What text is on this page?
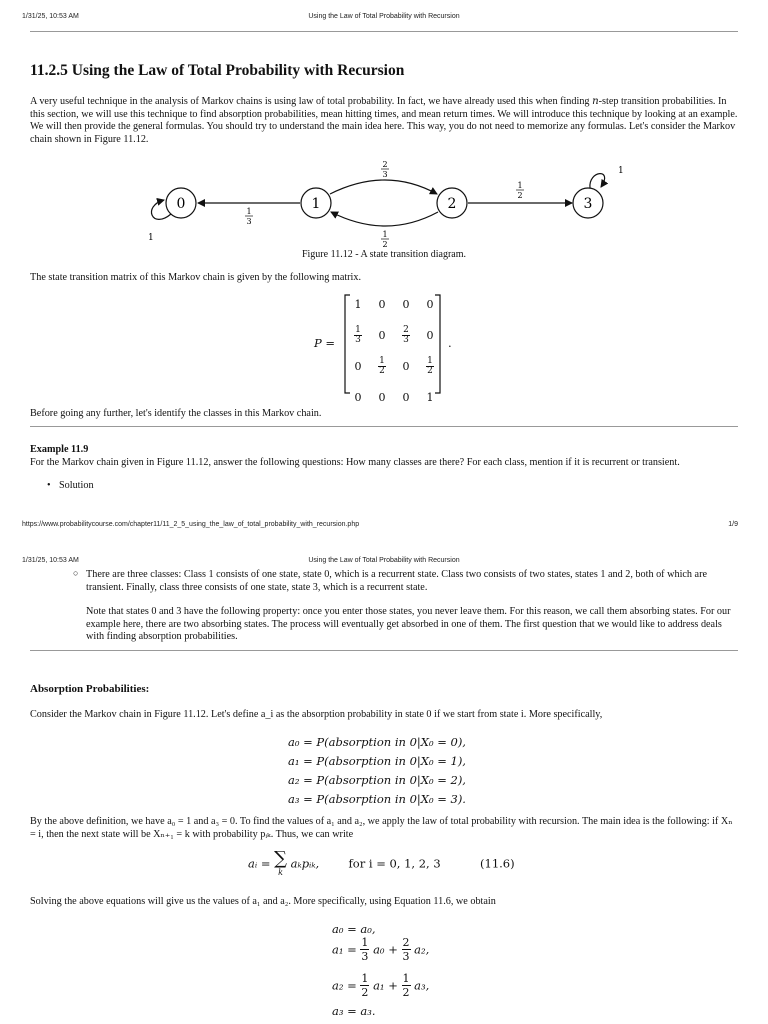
1/31/25, 10:53 AM	Using the Law of Total Probability with Recursion
11.2.5 Using the Law of Total Probability with Recursion
A very useful technique in the analysis of Markov chains is using law of total probability. In fact, we have already used this when finding n-step transition probabilities. In this section, we will use this technique to find absorption probabilities, mean hitting times, and mean return times. We will introduce this technique by looking at an example. We will then provide the general formulas. You should try to understand the main idea here. This way, you do not need to memorize any formulas. Let's consider the Markov chain shown in Figure 11.12.
0	1	2	3
1
3
2
3
1
2
1
2
1
1
Figure 11.12 - A state transition diagram.
The state transition matrix of this Markov chain is given by the following matrix.
P =
1	0	0	0

$\frac{1}{3}$	0	$\frac{2}{3}$	0
0	$\frac{1}{2}$	0	$\frac{1}{2}$

0	0	0	1
.
Before going any further, let's identify the classes in this Markov chain.
Example 11.9
For the Markov chain given in Figure 11.12, answer the following questions: How many classes are there? For each class, mention if it is recurrent or transient.
• Solution
https://www.probabilitycourse.com/chapter11/11_2_5_using_the_law_of_total_probability_with_recursion.php	1/9
1/31/25, 10:53 AM	Using the Law of Total Probability with Recursion
○ There are three classes: Class 1 consists of one state, state 0, which is a recurrent state. Class two consists of two states, states 1 and 2, both of which are transient. Finally, class three consists of one state, state 3, which is a recurrent state.
Note that states 0 and 3 have the following property: once you enter those states, you never leave them. For this reason, we call them absorbing states. For our example here, there are two absorbing states. The process will eventually get absorbed in one of them. The first question that we would like to address deals with finding absorption probabilities.
Absorption Probabilities:
Consider the Markov chain in Figure 11.12. Let's define a_i as the absorption probability in state 0 if we start from state i. More specifically,
a₀ = P(absorption in 0|X₀ = 0),
a₁ = P(absorption in 0|X₀ = 1),
a₂ = P(absorption in 0|X₀ = 2),
a₃ = P(absorption in 0|X₀ = 3).
By the above definition, we have a₀ = 1 and a₃ = 0. To find the values of a₁ and a₂, we apply the law of total probability with recursion. The main idea is the following: if Xₙ = i, then the next state will be Xₙ₊₁ = k with probability pᵢₖ. Thus, we can write
aᵢ = ∑
k
aₖpᵢₖ,	for i = 0, 1, 2, 3	(11.6)
Solving the above equations will give us the values of a₁ and a₂. More specifically, using Equation 11.6, we obtain
a₀ = a₀,
$a_1 = \frac{1}{3} a_0 + \frac{2}{3} a_2$,
$a_2 = \frac{1}{2} a_1 + \frac{1}{2} a_3$,
a₃ = a₃.
